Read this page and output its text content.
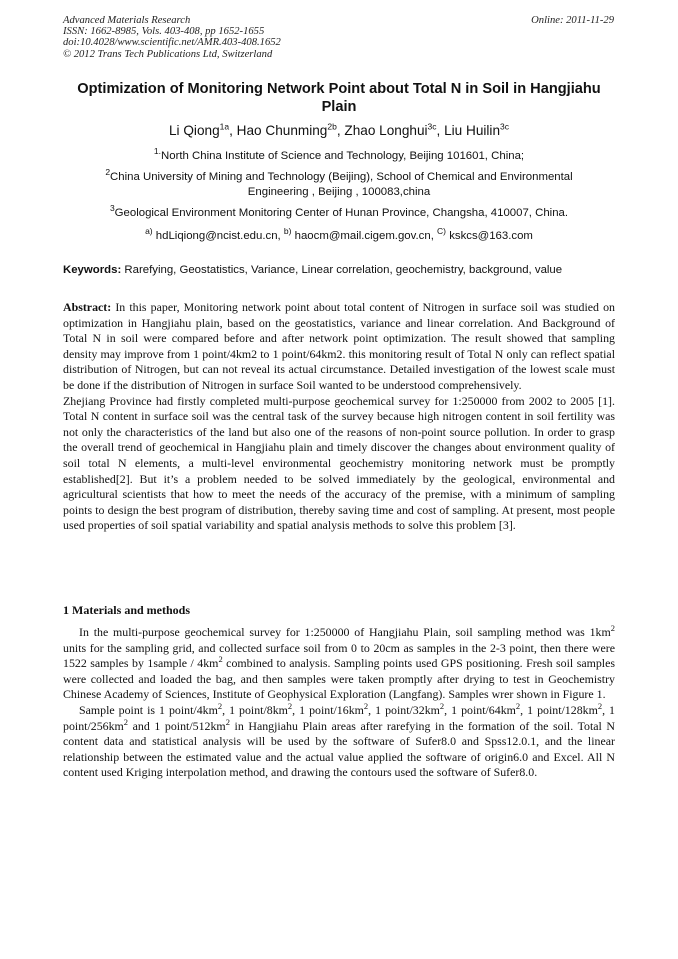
Advanced Materials Research
ISSN: 1662-8985, Vols. 403-408, pp 1652-1655
doi:10.4028/www.scientific.net/AMR.403-408.1652
© 2012 Trans Tech Publications Ltd, Switzerland
Online: 2011-11-29
Optimization of Monitoring Network Point about Total N in Soil in Hangjiahu Plain
Li Qiong$^{1a}$, Hao Chunming$^{2b}$, Zhao Longhui$^{3c}$, Liu Huilin$^{3c}$
$^{1.}$North China Institute of Science and Technology, Beijing 101601, China;
$^2$China University of Mining and Technology (Beijing), School of Chemical and Environmental Engineering , Beijing , 100083,china
$^3$Geological Environment Monitoring Center of Hunan Province, Changsha, 410007, China.
$^{a)}$ hdLiqiong@ncist.edu.cn, $^{b)}$ haocm@mail.cigem.gov.cn, $^{C)}$ kskcs@163.com
Keywords: Rarefying, Geostatistics, Variance, Linear correlation, geochemistry, background, value

Abstract: In this paper, Monitoring network point about total content of Nitrogen in surface soil was studied on optimization in Hangjiahu plain, based on the geostatistics, variance and linear correlation. And Background of Total N in soil were compared before and after network point optimization. The result showed that sampling density may improve from 1 point/4km2 to 1 point/64km2. this monitoring result of Total N only can reflect spatial distribution of Nitrogen, but can not reveal its actual circumstance. Detailed investigation of the lowest scale must be done if the distribution of Nitrogen in surface Soil wanted to be understood comprehensively.

Zhejiang Province had firstly completed multi-purpose geochemical survey for 1:250000 from 2002 to 2005 [1]. Total N content in surface soil was the central task of the survey because high nitrogen content in soil fertility was not only the characteristics of the land but also one of the reasons of non-point source pollution. In order to grasp the overall trend of geochemical in Hangjiahu plain and timely discover the changes about environment quality of soil total N elements, a multi-level environmental geochemistry monitoring network must be promptly established[2]. But it’s a problem needed to be solved immediately by the geological, environmental and agricultural scientists that how to meet the needs of the accuracy of the premise, with a minimum of sampling points to design the best program of distribution, thereby saving time and cost of sampling. At present, most people used properties of soil spatial variability and spatial analysis methods to solve this problem [3].

1 Materials and methods

In the multi-purpose geochemical survey for 1:250000 of Hangjiahu Plain, soil sampling method was $1km^2$ units for the sampling grid, and collected surface soil from 0 to 20cm as samples in the 2-3 point, then there were 1522 samples by 1sample / $4km^2$ combined to analysis. Sampling points used GPS positioning. Fresh soil samples were collected and loaded the bag, and then samples were taken promptly after drying to test in Geochemistry Chinese Academy of Sciences, Institute of Geophysical Exploration (Langfang). Samples wrer shown in Figure 1.

Sample point is 1 point/$4km^2$, 1 point/$8km^2$, 1 point/$16km^2$, 1 point/$32km^2$, 1 point/$64km^2$, 1 point/$128km^2$, 1 point/$256km^2$ and 1 point/$512km^2$ in Hangjiahu Plain areas after rarefying in the formation of the soil. Total N content data and statistical analysis will be used by the software of Sufer8.0 and Spss12.0.1, and the linear relationship between the estimated value and the actual value applied the software of origin6.0 and Excel. All N content used Kriging interpolation method, and drawing the contours used the software of Sufer8.0.
